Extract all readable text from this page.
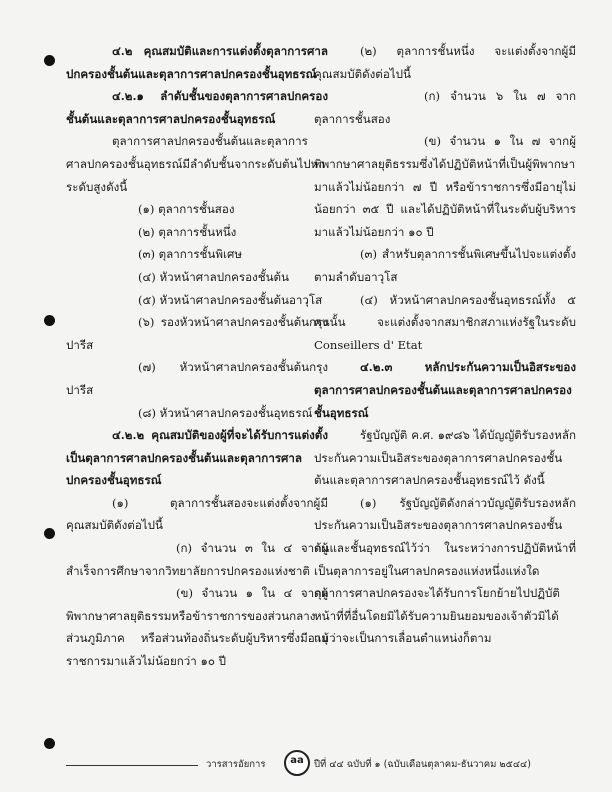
๔.๒ คุณสมบัติและการแต่งตั้งตุลาการศาลปกครองชั้นต้นและตุลาการศาลปกครองชั้นอุทธรณ์

๔.๒.๑ ลำดับชั้นของตุลาการศาลปกครองชั้นต้นและตุลาการศาลปกครองชั้นอุทธรณ์

ตุลาการศาลปกครองชั้นต้นและตุลาการศาลปกครองชั้นอุทธรณ์มีลำดับชั้นจากระดับต้นไปหาระดับสูงดังนี้

(๑) ตุลาการชั้นสอง

(๒) ตุลาการชั้นหนึ่ง

(๓) ตุลาการชั้นพิเศษ

(๔) หัวหน้าศาลปกครองชั้นต้น

(๕) หัวหน้าศาลปกครองชั้นต้นอาวุโส

(๖) รองหัวหน้าศาลปกครองชั้นต้นกรุงปารีส

(๗) หัวหน้าศาลปกครองชั้นต้นกรุงปารีส

(๘) หัวหน้าศาลปกครองชั้นอุทธรณ์

๔.๒.๒ คุณสมบัติของผู้ที่จะได้รับการแต่งตั้งเป็นตุลาการศาลปกครองชั้นต้นและตุลาการศาลปกครองชั้นอุทธรณ์

(๑) ตุลาการชั้นสองจะแต่งตั้งจากผู้มีคุณสมบัติดังต่อไปนี้

(ก) จำนวน ๓ ใน ๔ จากผู้สำเร็จการศึกษาจากวิทยาลัยการปกครองแห่งชาติ

(ข) จำนวน ๑ ใน ๔ จากผู้พิพากษาศาลยุติธรรมหรือข้าราชการของส่วนกลางส่วนภูมิภาค หรือส่วนท้องถิ่นระดับผู้บริหารซึ่งมีอายุราชการมาแล้วไม่น้อยกว่า ๑๐ ปี

(๒) ตุลาการชั้นหนึ่ง จะแต่งตั้งจากผู้มีคุณสมบัติดังต่อไปนี้

(ก) จำนวน ๖ ใน ๗ จากตุลาการชั้นสอง

(ข) จำนวน ๑ ใน ๗ จากผู้พิพากษาศาลยุติธรรมซึ่งได้ปฏิบัติหน้าที่เป็นผู้พิพากษามาแล้วไม่น้อยกว่า ๗ ปี หรือข้าราชการซึ่งมีอายุไม่น้อยกว่า ๓๕ ปี และได้ปฏิบัติหน้าที่ในระดับผู้บริหารมาแล้วไม่น้อยกว่า ๑๐ ปี

(๓) สำหรับตุลาการชั้นพิเศษขึ้นไปจะแต่งตั้งตามลำดับอาวุโส

(๔) หัวหน้าศาลปกครองชั้นอุทธรณ์ทั้ง ๕ คนนั้น จะแต่งตั้งจากสมาชิกสภาแห่งรัฐในระดับ Conseillers d' Etat

๔.๒.๓ หลักประกันความเป็นอิสระของตุลาการศาลปกครองชั้นต้นและตุลาการศาลปกครองชั้นอุทธรณ์

รัฐบัญญัติ ค.ศ. ๑๙๘๖ ได้บัญญัติรับรองหลักประกันความเป็นอิสระของตุลาการศาลปกครองชั้นต้นและตุลาการศาลปกครองชั้นอุทธรณ์ไว้ ดังนี้

(๑) รัฐบัญญัติดังกล่าวบัญญัติรับรองหลักประกันความเป็นอิสระของตุลาการศาลปกครองชั้นต้นและชั้นอุทธรณ์ไว้ว่า ในระหว่างการปฏิบัติหน้าที่เป็นตุลาการอยู่ในศาลปกครองแห่งหนึ่งแห่งใด ตุลาการศาลปกครองจะได้รับการโยกย้ายไปปฏิบัติหน้าที่ที่อื่นโดยมิได้รับความยินยอมของเจ้าตัวมิได้ แม้ว่าจะเป็นการเลื่อนตำแหน่งก็ตาม

วารสารอัยการ	aa	ปีที่ ๔๔ ฉบับที่ ๑ (ฉบับเดือนตุลาคม-ธันวาคม ๒๕๔๔)
